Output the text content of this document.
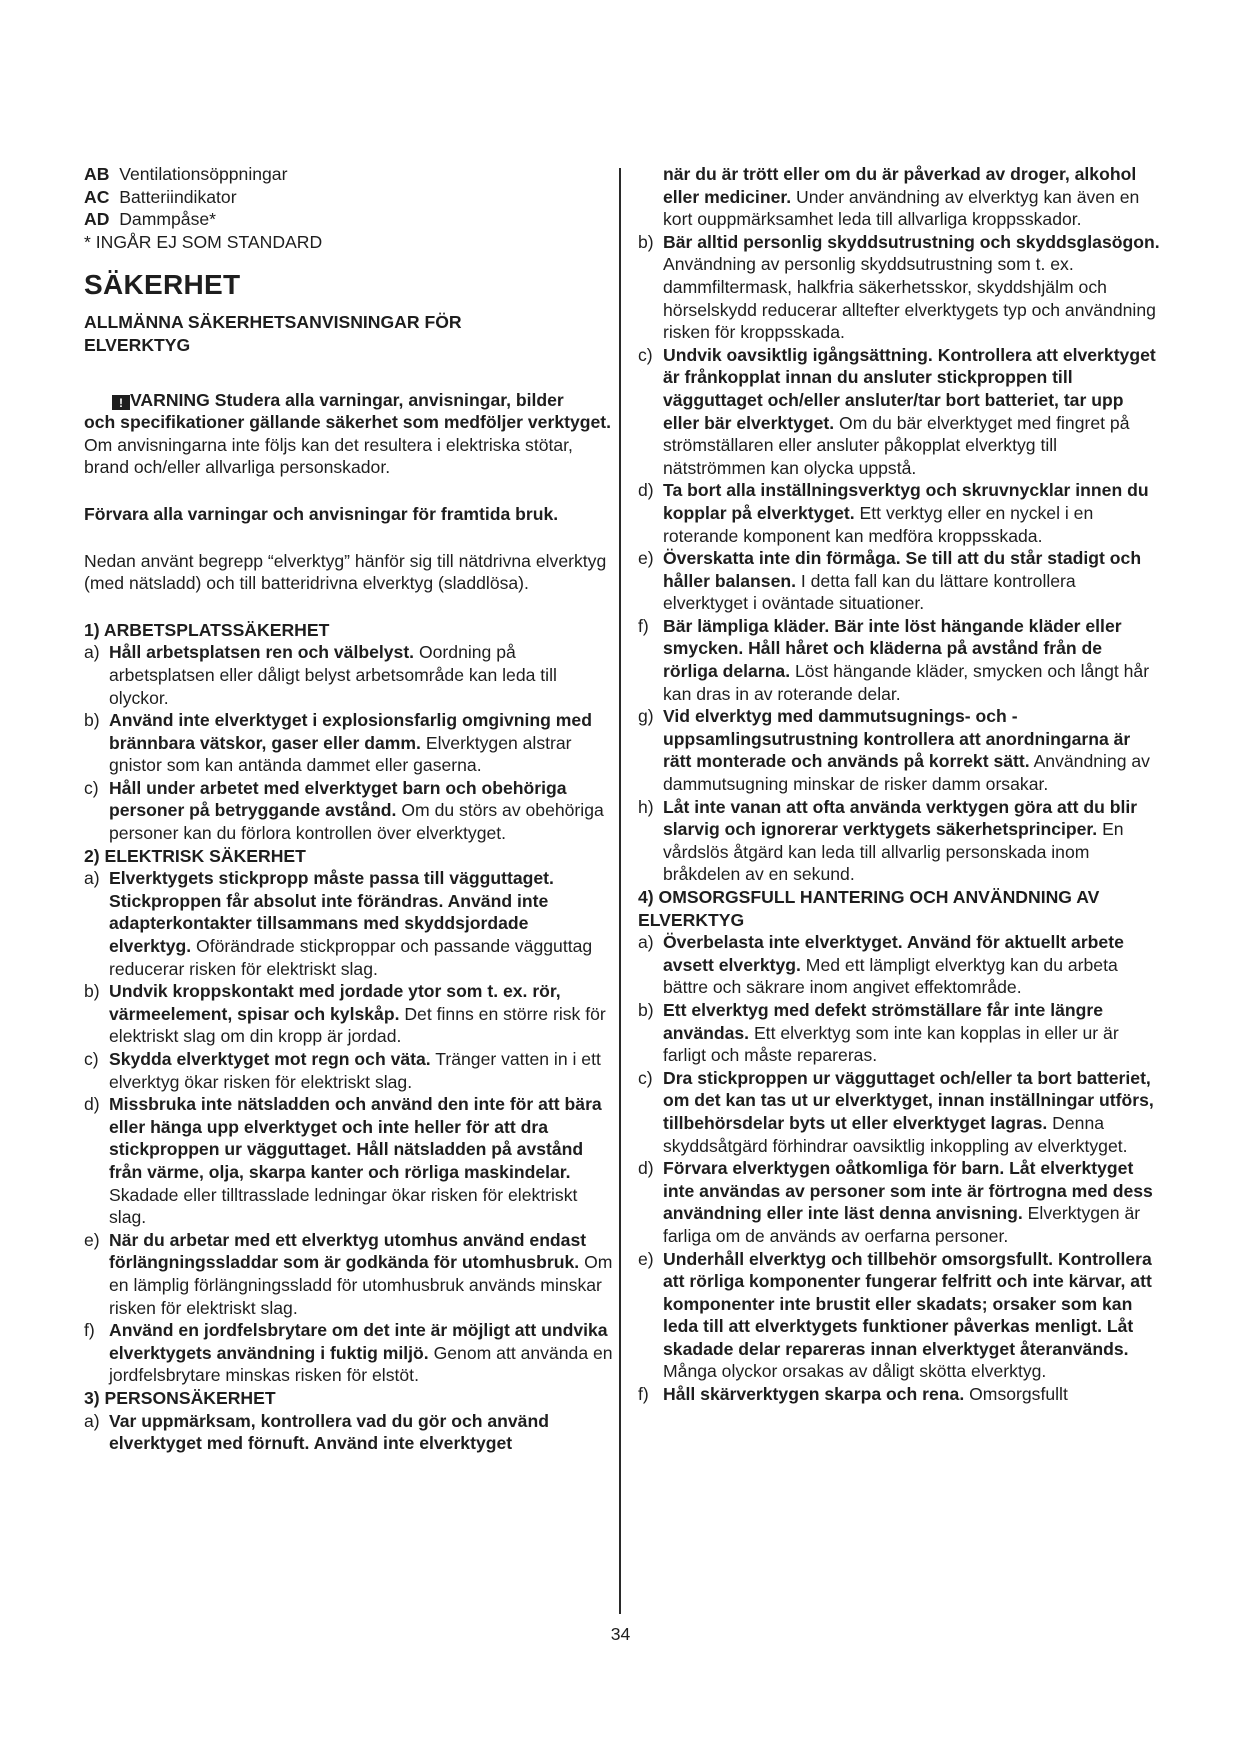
AB Ventilationsöppningar

AC Batteriindikator

AD Dammpåse*

* INGÅR EJ SOM STANDARD

SÄKERHET
ALLMÄNNA SÄKERHETSANVISNINGAR FÖR
ELVERKTYG
! VARNING Studera alla varningar, anvisningar, bilder

och specifikationer gällande säkerhet som medföljer verktyget. Om anvisningarna inte följs kan det resultera i elektriska stötar, brand och/eller allvarliga personskador.

Förvara alla varningar och anvisningar för framtida bruk.

Nedan använt begrepp “elverktyg” hänför sig till nätdrivna elverktyg (med nätsladd) och till batteridrivna elverktyg (sladdlösa).

1) ARBETSPLATSSÄKERHET

a) Håll arbetsplatsen ren och välbelyst. Oordning på arbetsplatsen eller dåligt belyst arbetsområde kan leda till olyckor.
b) Använd inte elverktyget i explosionsfarlig omgivning med brännbara vätskor, gaser eller damm. Elverktygen alstrar gnistor som kan antända dammet eller gaserna.
c) Håll under arbetet med elverktyget barn och obehöriga personer på betryggande avstånd. Om du störs av obehöriga personer kan du förlora kontrollen över elverktyget.

2) ELEKTRISK SÄKERHET

a) Elverktygets stickpropp måste passa till vägguttaget. Stickproppen får absolut inte förändras. Använd inte adapterkontakter tillsammans med skyddsjordade elverktyg. Oförändrade stickproppar och passande vägguttag reducerar risken för elektriskt slag.
b) Undvik kroppskontakt med jordade ytor som t. ex. rör, värmeelement, spisar och kylskåp. Det finns en större risk för elektriskt slag om din kropp är jordad.
c) Skydda elverktyget mot regn och väta. Tränger vatten in i ett elverktyg ökar risken för elektriskt slag.
d) Missbruka inte nätsladden och använd den inte för att bära eller hänga upp elverktyget och inte heller för att dra stickproppen ur vägguttaget. Håll nätsladden på avstånd från värme, olja, skarpa kanter och rörliga maskindelar. Skadade eller tilltrasslade ledningar ökar risken för elektriskt slag.
e) När du arbetar med ett elverktyg utomhus använd endast förlängningssladdar som är godkända för utomhusbruk. Om en lämplig förlängningssladd för utomhusbruk används minskar risken för elektriskt slag.
f) Använd en jordfelsbrytare om det inte är möjligt att undvika elverktygets användning i fuktig miljö. Genom att använda en jordfelsbrytare minskas risken för elstöt.

3) PERSONSÄKERHET

a) Var uppmärksam, kontrollera vad du gör och använd elverktyget med förnuft. Använd inte elverktyget
när du är trött eller om du är påverkad av droger, alkohol eller mediciner. Under användning av elverktyg kan även en kort ouppmärksamhet leda till allvarliga kroppsskador.
b) Bär alltid personlig skyddsutrustning och skyddsglasögon. Användning av personlig skyddsutrustning som t. ex. dammfiltermask, halkfria säkerhetsskor, skyddshjälm och hörselskydd reducerar alltefter elverktygets typ och användning risken för kroppsskada.
c) Undvik oavsiktlig igångsättning. Kontrollera att elverktyget är frånkopplat innan du ansluter stickproppen till vägguttaget och/eller ansluter/tar bort batteriet, tar upp eller bär elverktyget. Om du bär elverktyget med fingret på strömställaren eller ansluter påkopplat elverktyg till nätströmmen kan olycka uppstå.
d) Ta bort alla inställningsverktyg och skruvnycklar innen du kopplar på elverktyget. Ett verktyg eller en nyckel i en roterande komponent kan medföra kroppsskada.
e) Överskatta inte din förmåga. Se till att du står stadigt och håller balansen. I detta fall kan du lättare kontrollera elverktyget i oväntade situationer.
f) Bär lämpliga kläder. Bär inte löst hängande kläder eller smycken. Håll håret och kläderna på avstånd från de rörliga delarna. Löst hängande kläder, smycken och långt hår kan dras in av roterande delar.
g) Vid elverktyg med dammutsugnings- och -uppsamlingsutrustning kontrollera att anordningarna är rätt monterade och används på korrekt sätt. Användning av dammutsugning minskar de risker damm orsakar.
h) Låt inte vanan att ofta använda verktygen göra att du blir slarvig och ignorerar verktygets säkerhetsprinciper. En vårdslös åtgärd kan leda till allvarlig personskada inom bråkdelen av en sekund.

4) OMSORGSFULL HANTERING OCH ANVÄNDNING AV ELVERKTYG

a) Överbelasta inte elverktyget. Använd för aktuellt arbete avsett elverktyg. Med ett lämpligt elverktyg kan du arbeta bättre och säkrare inom angivet effektområde.
b) Ett elverktyg med defekt strömställare får inte längre användas. Ett elverktyg som inte kan kopplas in eller ur är farligt och måste repareras.
c) Dra stickproppen ur vägguttaget och/eller ta bort batteriet, om det kan tas ut ur elverktyget, innan inställningar utförs, tillbehörsdelar byts ut eller elverktyget lagras. Denna skyddsåtgärd förhindrar oavsiktlig inkoppling av elverktyget.
d) Förvara elverktygen oåtkomliga för barn. Låt elverktyget inte användas av personer som inte är förtrogna med dess användning eller inte läst denna anvisning. Elverktygen är farliga om de används av oerfarna personer.
e) Underhåll elverktyg och tillbehör omsorgsfullt. Kontrollera att rörliga komponenter fungerar felfritt och inte kärvar, att komponenter inte brustit eller skadats; orsaker som kan leda till att elverktygets funktioner påverkas menligt. Låt skadade delar repareras innan elverktyget återanvänds. Många olyckor orsakas av dåligt skötta elverktyg.
f) Håll skärverktygen skarpa och rena. Omsorgsfullt
34
